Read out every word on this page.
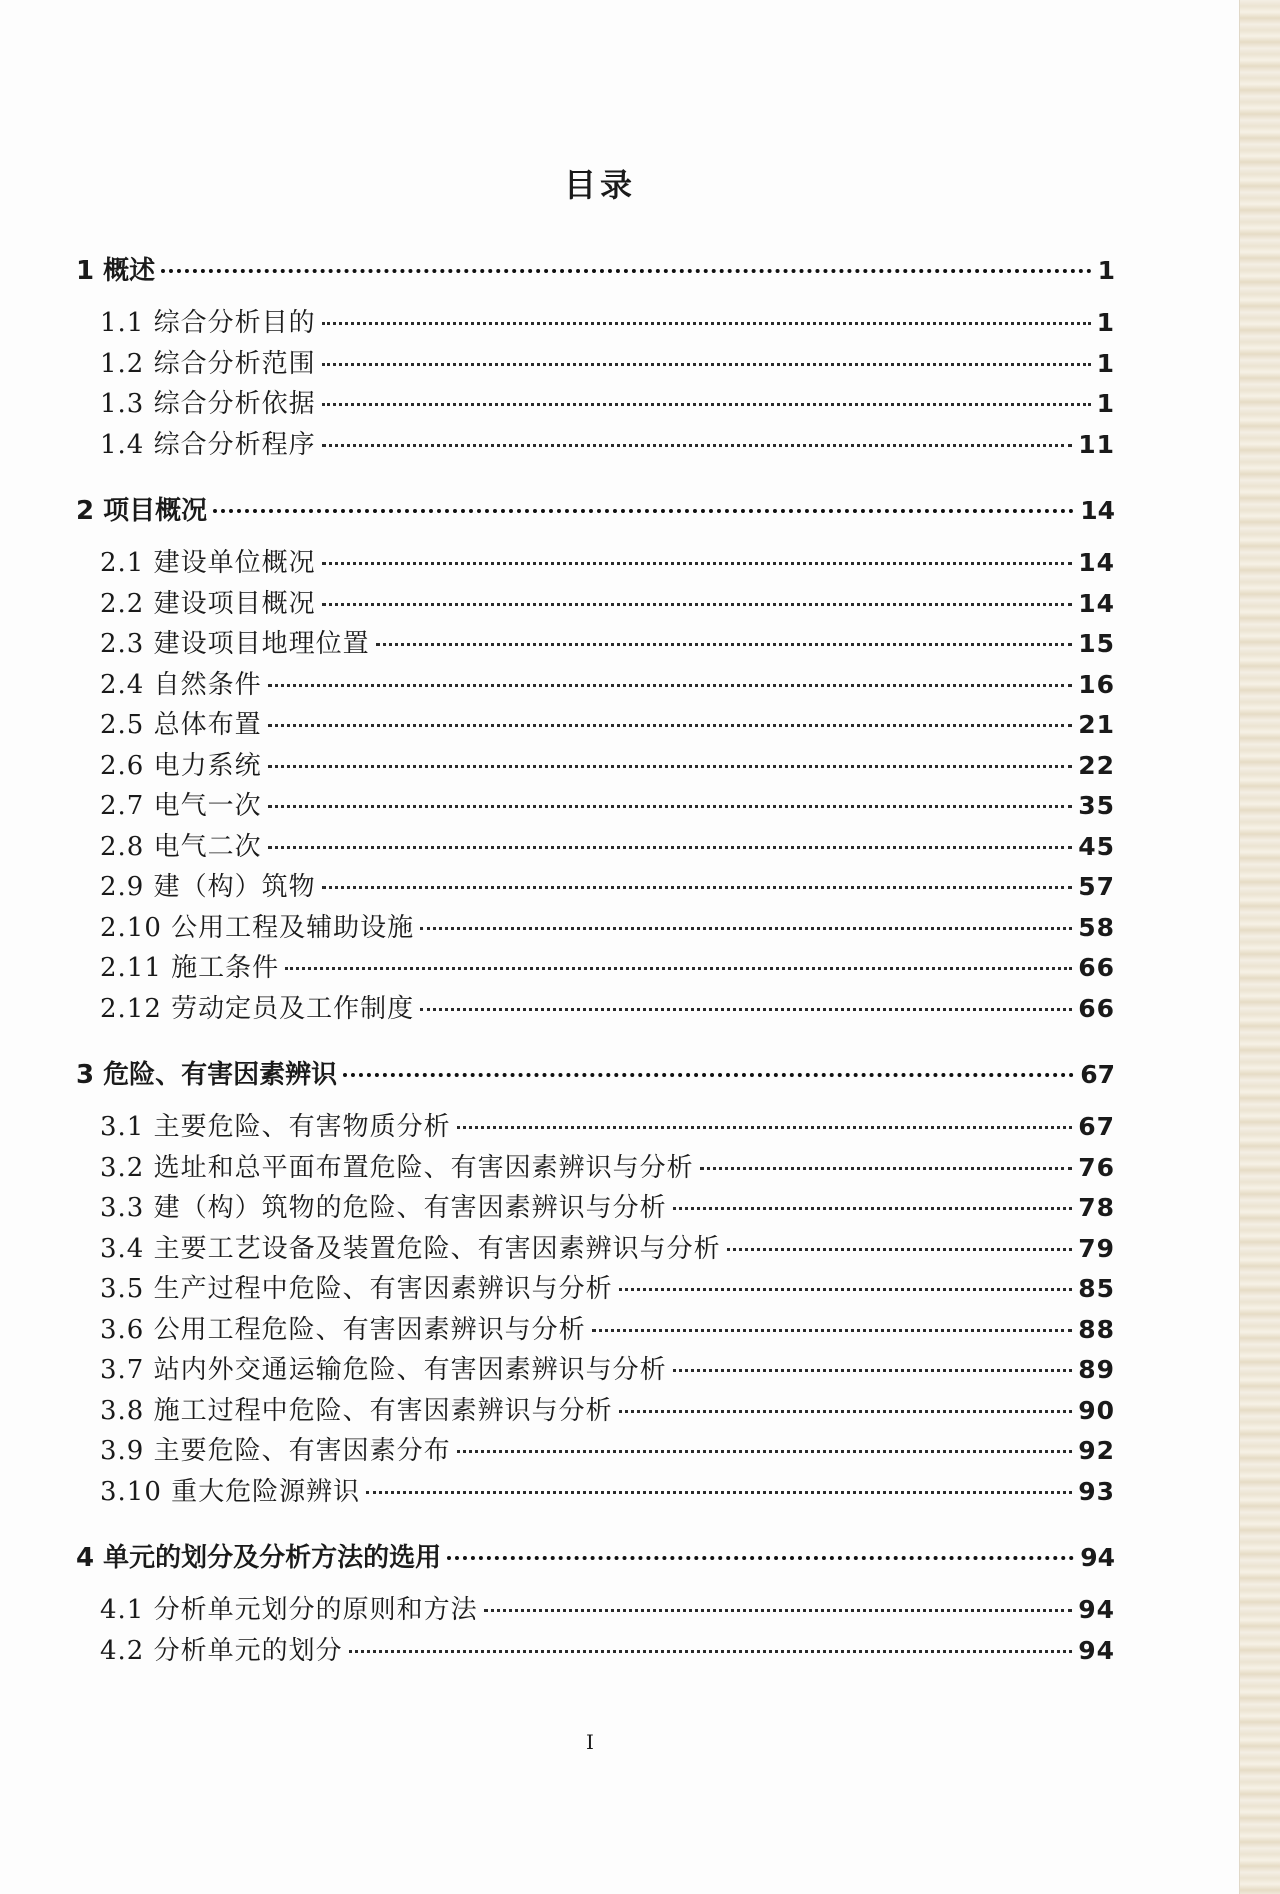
目录
1 概述	1
1.1 综合分析目的	1
1.2 综合分析范围	1
1.3 综合分析依据	1
1.4 综合分析程序	11
2 项目概况	14
2.1 建设单位概况	14
2.2 建设项目概况	14
2.3 建设项目地理位置	15
2.4 自然条件	16
2.5 总体布置	21
2.6 电力系统	22
2.7 电气一次	35
2.8 电气二次	45
2.9 建（构）筑物	57
2.10 公用工程及辅助设施	58
2.11 施工条件	66
2.12 劳动定员及工作制度	66
3 危险、有害因素辨识	67
3.1 主要危险、有害物质分析	67
3.2 选址和总平面布置危险、有害因素辨识与分析	76
3.3 建（构）筑物的危险、有害因素辨识与分析	78
3.4 主要工艺设备及装置危险、有害因素辨识与分析	79
3.5 生产过程中危险、有害因素辨识与分析	85
3.6 公用工程危险、有害因素辨识与分析	88
3.7 站内外交通运输危险、有害因素辨识与分析	89
3.8 施工过程中危险、有害因素辨识与分析	90
3.9 主要危险、有害因素分布	92
3.10 重大危险源辨识	93
4 单元的划分及分析方法的选用	94
4.1 分析单元划分的原则和方法	94
4.2 分析单元的划分	94
I
